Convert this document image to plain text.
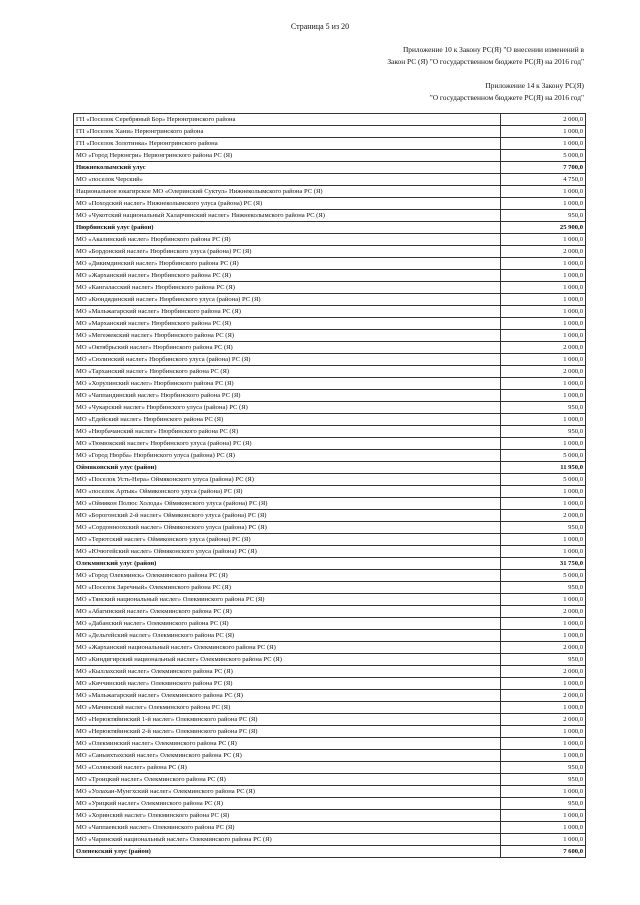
Страница 5 из 20
Приложение 10 к Закону РС(Я) "О внесении изменений в
Закон РС (Я) "О государственном бюджете РС(Я) на 2016 год"
Приложение 14 к Закону РС(Я)
"О государственном бюджете РС(Я) на 2016 год"
ГП «Поселок Серебряный Бор» Нерюнгринского района	2 000,0
ГП «Поселок Хани» Нерюнгринского района	1 000,0
ГП «Поселок Золотинка» Нерюнгринского района	1 000,0
МО «Город Нерюнгри» Нерюнгринского района РС (Я)	5 000,0
Нижнеколымский улус	7 700,0
МО «поселок Черский»	4 750,0
Национальное юкагирское МО «Олеринский Суктул» Нижнеколымского района РС (Я)	1 000,0
МО «Походский наслег» Нижнеколымского улуса (района) РС (Я)	1 000,0
МО «Чукотский национальный Халарчинский наслег» Нижнеколымского района РС (Я)	950,0
Нюрбинский улус (район)	25 900,0
МО «Акалинский наслег» Нюрбинского района РС (Я)	1 000,0
МО «Бордонский наслег» Нюрбинского улуса (района) РС (Я)	2 000,0
МО «Дикимдинский наслег» Нюрбинского района РС (Я)	1 000,0
МО «Жарханский наслег» Нюрбинского района РС (Я)	1 000,0
МО «Кангаласский наслег» Нюрбинского района РС (Я)	1 000,0
МО «Кюндядинский наслег» Нюрбинского улуса (района) РС (Я)	1 000,0
МО «Мальжагарский наслег» Нюрбинского района РС (Я)	1 000,0
МО «Марханский наслег» Нюрбинского района РС (Я)	1 000,0
МО «Мегежекский наслег» Нюрбинского района РС (Я)	1 000,0
МО «Октябрьский наслег» Нюрбинского района РС (Я)	2 000,0
МО «Сюлинский наслег» Нюрбинского улуса (района) РС (Я)	1 000,0
МО «Тарханский наслег» Нюрбинского района РС (Я)	2 000,0
МО «Хорулинский наслег» Нюрбинского района РС (Я)	1 000,0
МО «Чаппандинский наслег» Нюрбинского района РС (Я)	1 000,0
МО «Чукарский наслег» Нюрбинского улуса (района) РС (Я)	950,0
МО «Едейский наслег» Нюрбинского района РС (Я)	1 000,0
МО «Нюрбачанский наслег» Нюрбинского района РС (Я)	950,0
МО «Тюмюкский наслег» Нюрбинского улуса (района) РС (Я)	1 000,0
МО «Город Нюрба» Нюрбинского улуса (района) РС (Я)	5 000,0
Оймяконский улус (район)	11 950,0
МО «Поселок Усть-Нера» Оймяконского улуса (района) РС (Я)	5 000,0
МО «поселок Артык» Оймяконского улуса (района) РС (Я)	1 000,0
МО «Оймякон Полюс Холода» Оймяконского улуса (района) РС (Я)	1 000,0
МО «Борогонский 2-й наслег» Оймяконского улуса (района) РС (Я)	2 000,0
МО «Сордонноохский наслег» Оймяконского улуса (района) РС (Я)	950,0
МО «Терютский наслег» Оймяконского улуса (района) РС (Я)	1 000,0
МО «Ючюгейский наслег» Оймяконского улуса (района) РС (Я)	1 000,0
Олекминский улус (район)	31 750,0
МО «Город Олекминск» Олекминского района РС (Я)	5 000,0
МО «Поселок Заречный» Олекминского района РС (Я)	950,0
МО «Тянский национальный наслег» Олекминского района РС (Я)	1 000,0
МО «Абагинский наслег» Олекминского района РС (Я)	2 000,0
МО «Дабанский наслег» Олекминского района РС (Я)	1 000,0
МО «Дельгейский наслег» Олекминского района РС (Я)	1 000,0
МО «Жарханский национальный наслег» Олекминского района РС (Я)	2 000,0
МО «Киндигирский национальный наслег» Олекминского района РС (Я)	950,0
МО «Кыллахский наслег» Олекминского района РС (Я)	2 000,0
МО «Кяччинский наслег» Олекминского района РС (Я)	1 000,0
МО «Мальжагарский наслег» Олекминского района РС (Я)	2 000,0
МО «Мачинский наслег» Олекминского района РС (Я)	1 000,0
МО «Нерюктяйинский 1-й наслег» Олекминского района РС (Я)	2 000,0
МО «Нерюктяйинский 2-й наслег» Олекминского района РС (Я)	1 000,0
МО «Олекминский наслег» Олекминского района РС (Я)	1 000,0
МО «Саныяхтахский наслег» Олекминского района РС (Я)	1 000,0
МО «Солянский наслег» района РС (Я)	950,0
МО «Троицкий наслег» Олекминского района РС (Я)	950,0
МО «Уолахан-Мунгхский наслег» Олекминского района РС (Я)	1 000,0
МО «Урицкий наслег» Олекминского района РС (Я)	950,0
МО «Хоринский наслег» Олекминского района РС (Я)	1 000,0
МО «Чаппаевский наслег» Олекминского района РС (Я)	1 000,0
МО «Чаринский национальный наслег» Олекминского района РС (Я)	1 000,0
Оленекский улус (район)	7 600,0
